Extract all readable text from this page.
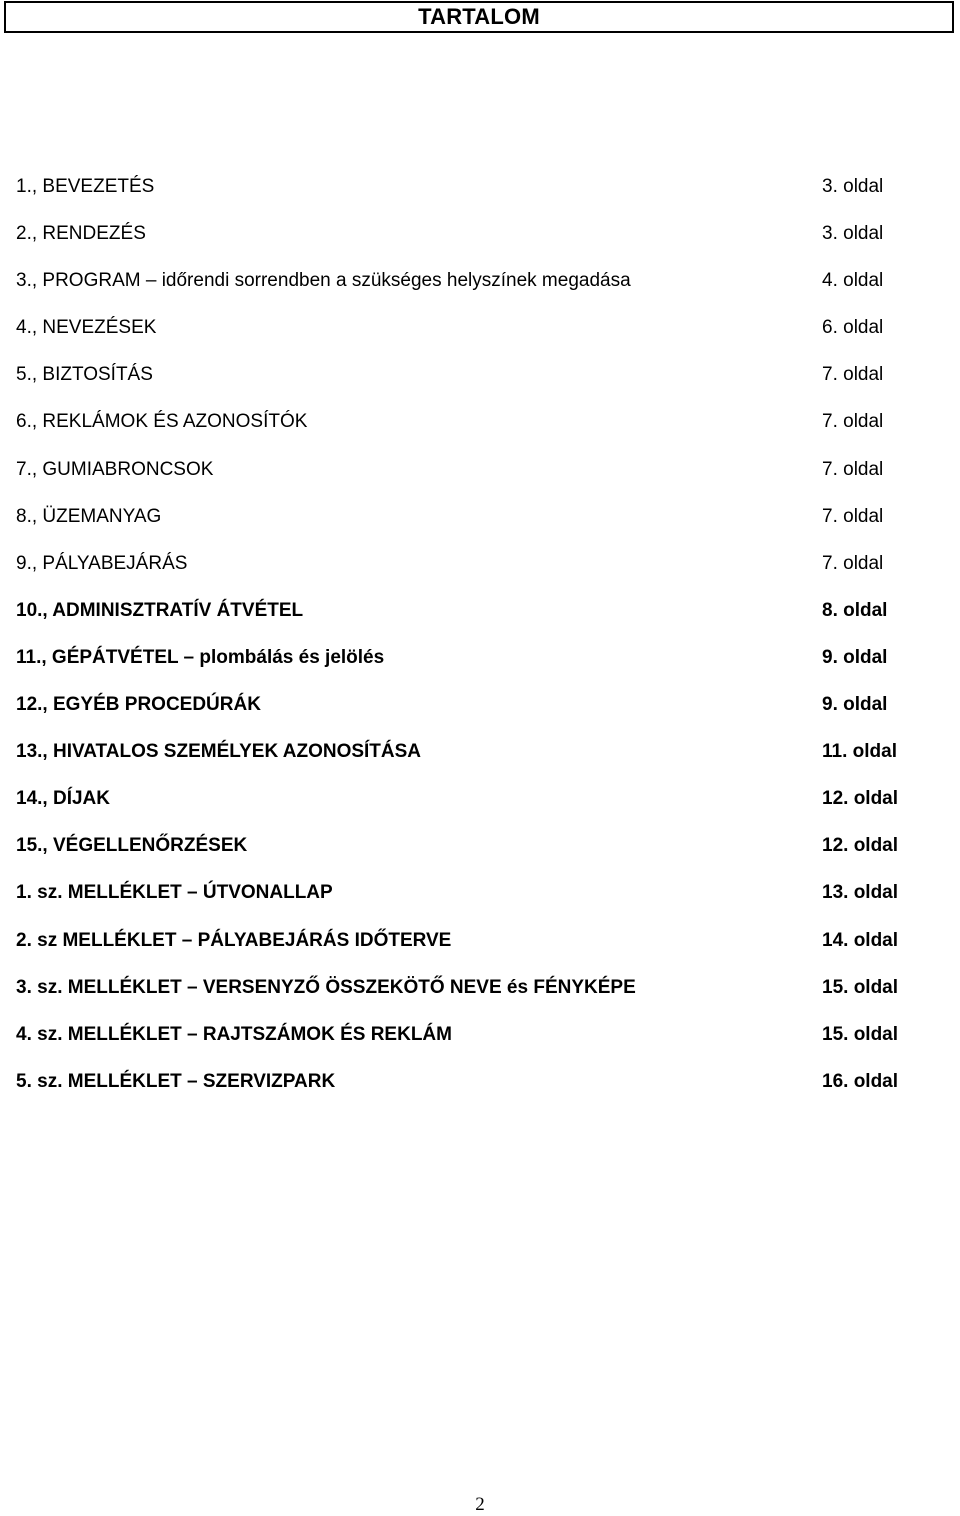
TARTALOM
1., BEVEZETÉS	3. oldal
2., RENDEZÉS	3. oldal
3., PROGRAM – időrendi sorrendben a szükséges helyszínek megadása	4. oldal
4., NEVEZÉSEK	6. oldal
5., BIZTOSÍTÁS	7. oldal
6., REKLÁMOK ÉS AZONOSÍTÓK	7. oldal
7., GUMIABRONCSOK	7. oldal
8., ÜZEMANYAG	7. oldal
9., PÁLYABEJÁRÁS	7. oldal
10., ADMINISZTRATÍV ÁTVÉTEL	8. oldal
11., GÉPÁTVÉTEL – plombálás és jelölés	9. oldal
12., EGYÉB PROCEDÚRÁK	9. oldal
13., HIVATALOS SZEMÉLYEK AZONOSÍTÁSA	11. oldal
14., DÍJAK	12. oldal
15., VÉGELLENŐRZÉSEK	12. oldal
1. sz. MELLÉKLET – ÚTVONALLAP	13. oldal
2. sz MELLÉKLET – PÁLYABEJÁRÁS IDŐTERVE	14. oldal
3. sz. MELLÉKLET – VERSENYZŐ ÖSSZEKÖTŐ NEVE és FÉNYKÉPE	15. oldal
4. sz. MELLÉKLET – RAJTSZÁMOK ÉS REKLÁM	15. oldal
5. sz. MELLÉKLET – SZERVIZPARK	16. oldal
2
